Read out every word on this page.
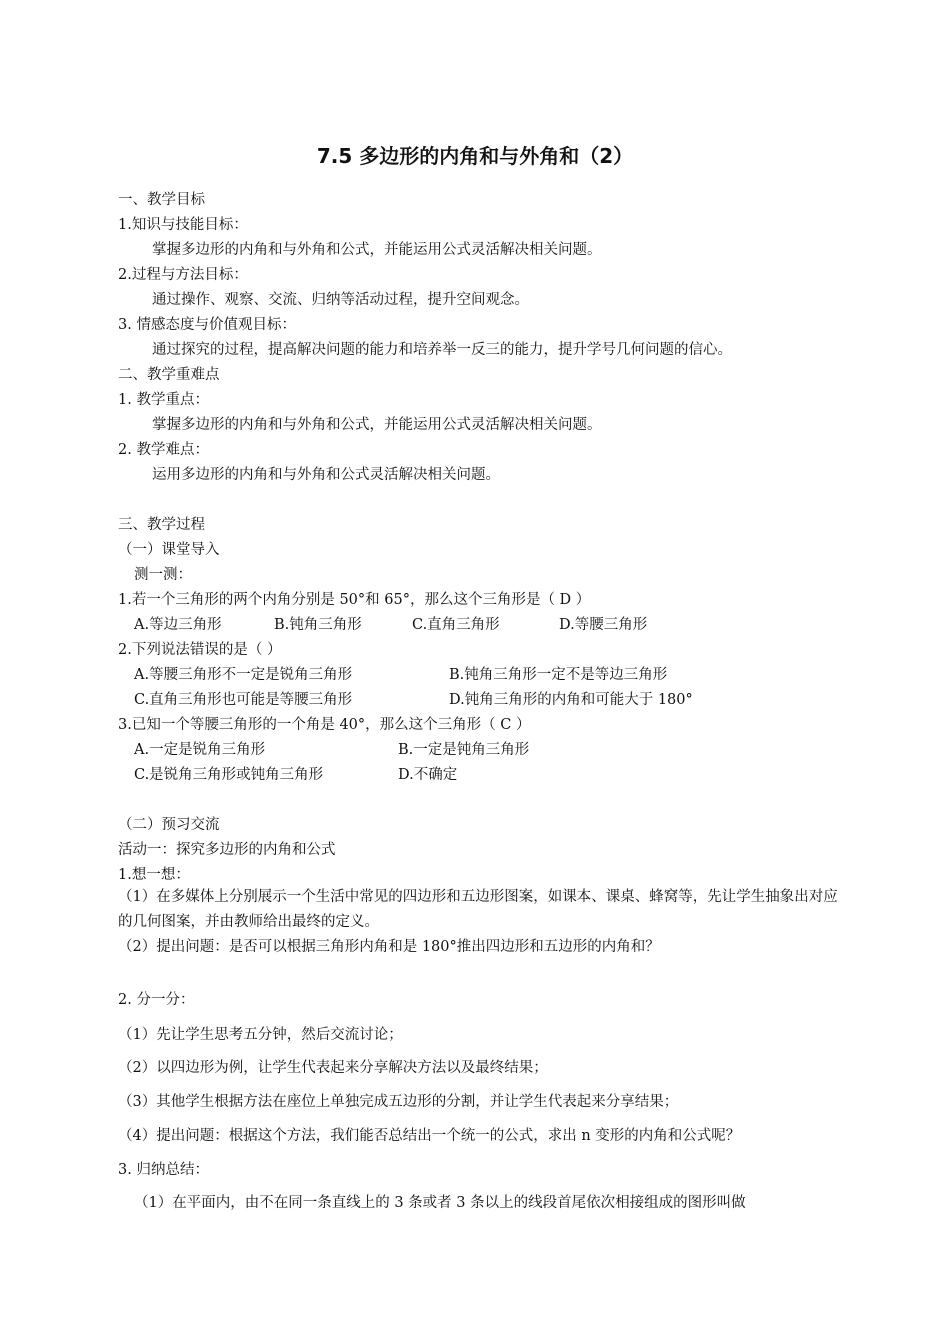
7.5 多边形的内角和与外角和（2）
一、教学目标
1.知识与技能目标：
掌握多边形的内角和与外角和公式，并能运用公式灵活解决相关问题。
2.过程与方法目标：
通过操作、观察、交流、归纳等活动过程，提升空间观念。
3. 情感态度与价值观目标：
通过探究的过程，提高解决问题的能力和培养举一反三的能力，提升学号几何问题的信心。
二、教学重难点
1. 教学重点：
掌握多边形的内角和与外角和公式，并能运用公式灵活解决相关问题。
2. 教学难点：
运用多边形的内角和与外角和公式灵活解决相关问题。
三、教学过程
（一）课堂导入
测一测：
1.若一个三角形的两个内角分别是 50°和 65°，那么这个三角形是（ D ）
A.等边三角形	B.钝角三角形	C.直角三角形	D.等腰三角形
2.下列说法错误的是（ ）
A.等腰三角形不一定是锐角三角形	B.钝角三角形一定不是等边三角形
C.直角三角形也可能是等腰三角形	D.钝角三角形的内角和可能大于 180°
3.已知一个等腰三角形的一个角是 40°，那么这个三角形（ C ）
A.一定是锐角三角形	B.一定是钝角三角形
C.是锐角三角形或钝角三角形	D.不确定
（二）预习交流
活动一：探究多边形的内角和公式
1.想一想：
（1）在多媒体上分别展示一个生活中常见的四边形和五边形图案，如课本、课桌、蜂窝等，先让学生抽象出对应的几何图案，并由教师给出最终的定义。
（2）提出问题：是否可以根据三角形内角和是 180°推出四边形和五边形的内角和？
2. 分一分：
（1）先让学生思考五分钟，然后交流讨论；
（2）以四边形为例，让学生代表起来分享解决方法以及最终结果；
（3）其他学生根据方法在座位上单独完成五边形的分割，并让学生代表起来分享结果；
（4）提出问题：根据这个方法，我们能否总结出一个统一的公式，求出 n 变形的内角和公式呢？
3. 归纳总结：
（1）在平面内，由不在同一条直线上的 3 条或者 3 条以上的线段首尾依次相接组成的图形叫做
